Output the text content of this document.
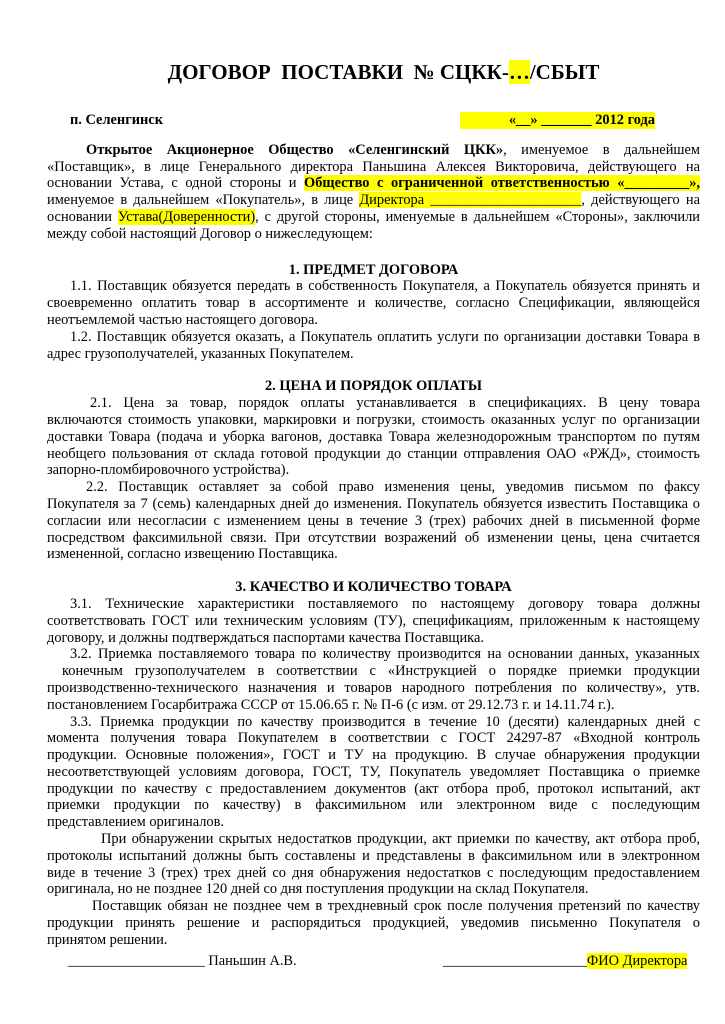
ДОГОВОР  ПОСТАВКИ  № СЦКК-…/СБЫТ
п. Селенгинск	«__» _______ 2012 года
Открытое Акционерное Общество «Селенгинский ЦКК», именуемое в дальнейшем
«Поставщик», в лице Генерального директора Паньшина Алексея Викторовича, действующего на
основании Устава, с одной стороны и Общество с ограниченной ответственностью «_________»,
именуемое в дальнейшем «Покупатель», в лице Директора _____________________, действующего на
основании Устава(Доверенности), с другой стороны, именуемые в дальнейшем «Стороны», заключили
между собой настоящий Договор о нижеследующем:
1. ПРЕДМЕТ ДОГОВОРА
1.1. Поставщик обязуется передать в собственность Покупателя, а Покупатель обязуется принять и
своевременно оплатить товар в ассортименте и количестве, согласно Спецификации, являющейся
неотъемлемой частью настоящего договора.
1.2. Поставщик обязуется оказать, а Покупатель оплатить услуги по организации доставки Товара в
адрес грузополучателей, указанных Покупателем.
2. ЦЕНА И ПОРЯДОК ОПЛАТЫ
2.1. Цена за товар, порядок оплаты устанавливается в спецификациях. В цену товара
включаются стоимость упаковки, маркировки и погрузки, стоимость оказанных услуг по организации
доставки Товара (подача и уборка вагонов, доставка Товара железнодорожным транспортом по путям
необщего пользования от склада готовой продукции до станции отправления ОАО «РЖД», стоимость
запорно-пломбировочного устройства).
2.2. Поставщик оставляет за собой право изменения цены, уведомив письмом по факсу
Покупателя за 7 (семь) календарных дней до изменения. Покупатель обязуется известить Поставщика о
согласии или несогласии с изменением цены в течение 3 (трех) рабочих дней в письменной форме
посредством факсимильной связи. При отсутствии возражений об изменении цены, цена считается
измененной, согласно извещению Поставщика.
3. КАЧЕСТВО И КОЛИЧЕСТВО ТОВАРА
3.1. Технические характеристики поставляемого по настоящему договору товара должны
соответствовать ГОСТ или техническим условиям (ТУ), спецификациям, приложенным к настоящему
договору, и должны подтверждаться паспортами качества Поставщика.
3.2. Приемка поставляемого товара по количеству производится на основании данных, указанных
конечным грузополучателем в соответствии с «Инструкцией о порядке приемки продукции
производственно-технического назначения и товаров народного потребления по количеству», утв.
постановлением Госарбитража СССР от 15.06.65 г. № П-6 (с изм. от 29.12.73 г. и 14.11.74 г.).
3.3. Приемка продукции по качеству производится в течение 10 (десяти) календарных дней с
момента получения товара Покупателем в соответствии с ГОСТ 24297-87 «Входной контроль
продукции. Основные положения», ГОСТ и ТУ на продукцию. В случае обнаружения продукции
несоответствующей условиям договора, ГОСТ, ТУ, Покупатель уведомляет Поставщика о приемке
продукции по качеству с предоставлением документов (акт отбора проб, протокол испытаний, акт
приемки продукции по качеству) в факсимильном или электронном виде с последующим
представлением оригиналов.
При обнаружении скрытых недостатков продукции, акт приемки по качеству, акт отбора проб,
протоколы испытаний должны быть составлены и представлены в факсимильном или в электронном
виде в течение 3 (трех) трех дней со дня обнаружения недостатков с последующим предоставлением
оригинала, но не позднее 120 дней со дня поступления продукции на склад Покупателя.
Поставщик обязан не позднее чем в трехдневный срок после получения претензий по качеству
продукции принять решение и распорядиться продукцией, уведомив письменно Покупателя о
принятом решении.
___________________ Паньшин А.В.	____________________ФИО Директора
